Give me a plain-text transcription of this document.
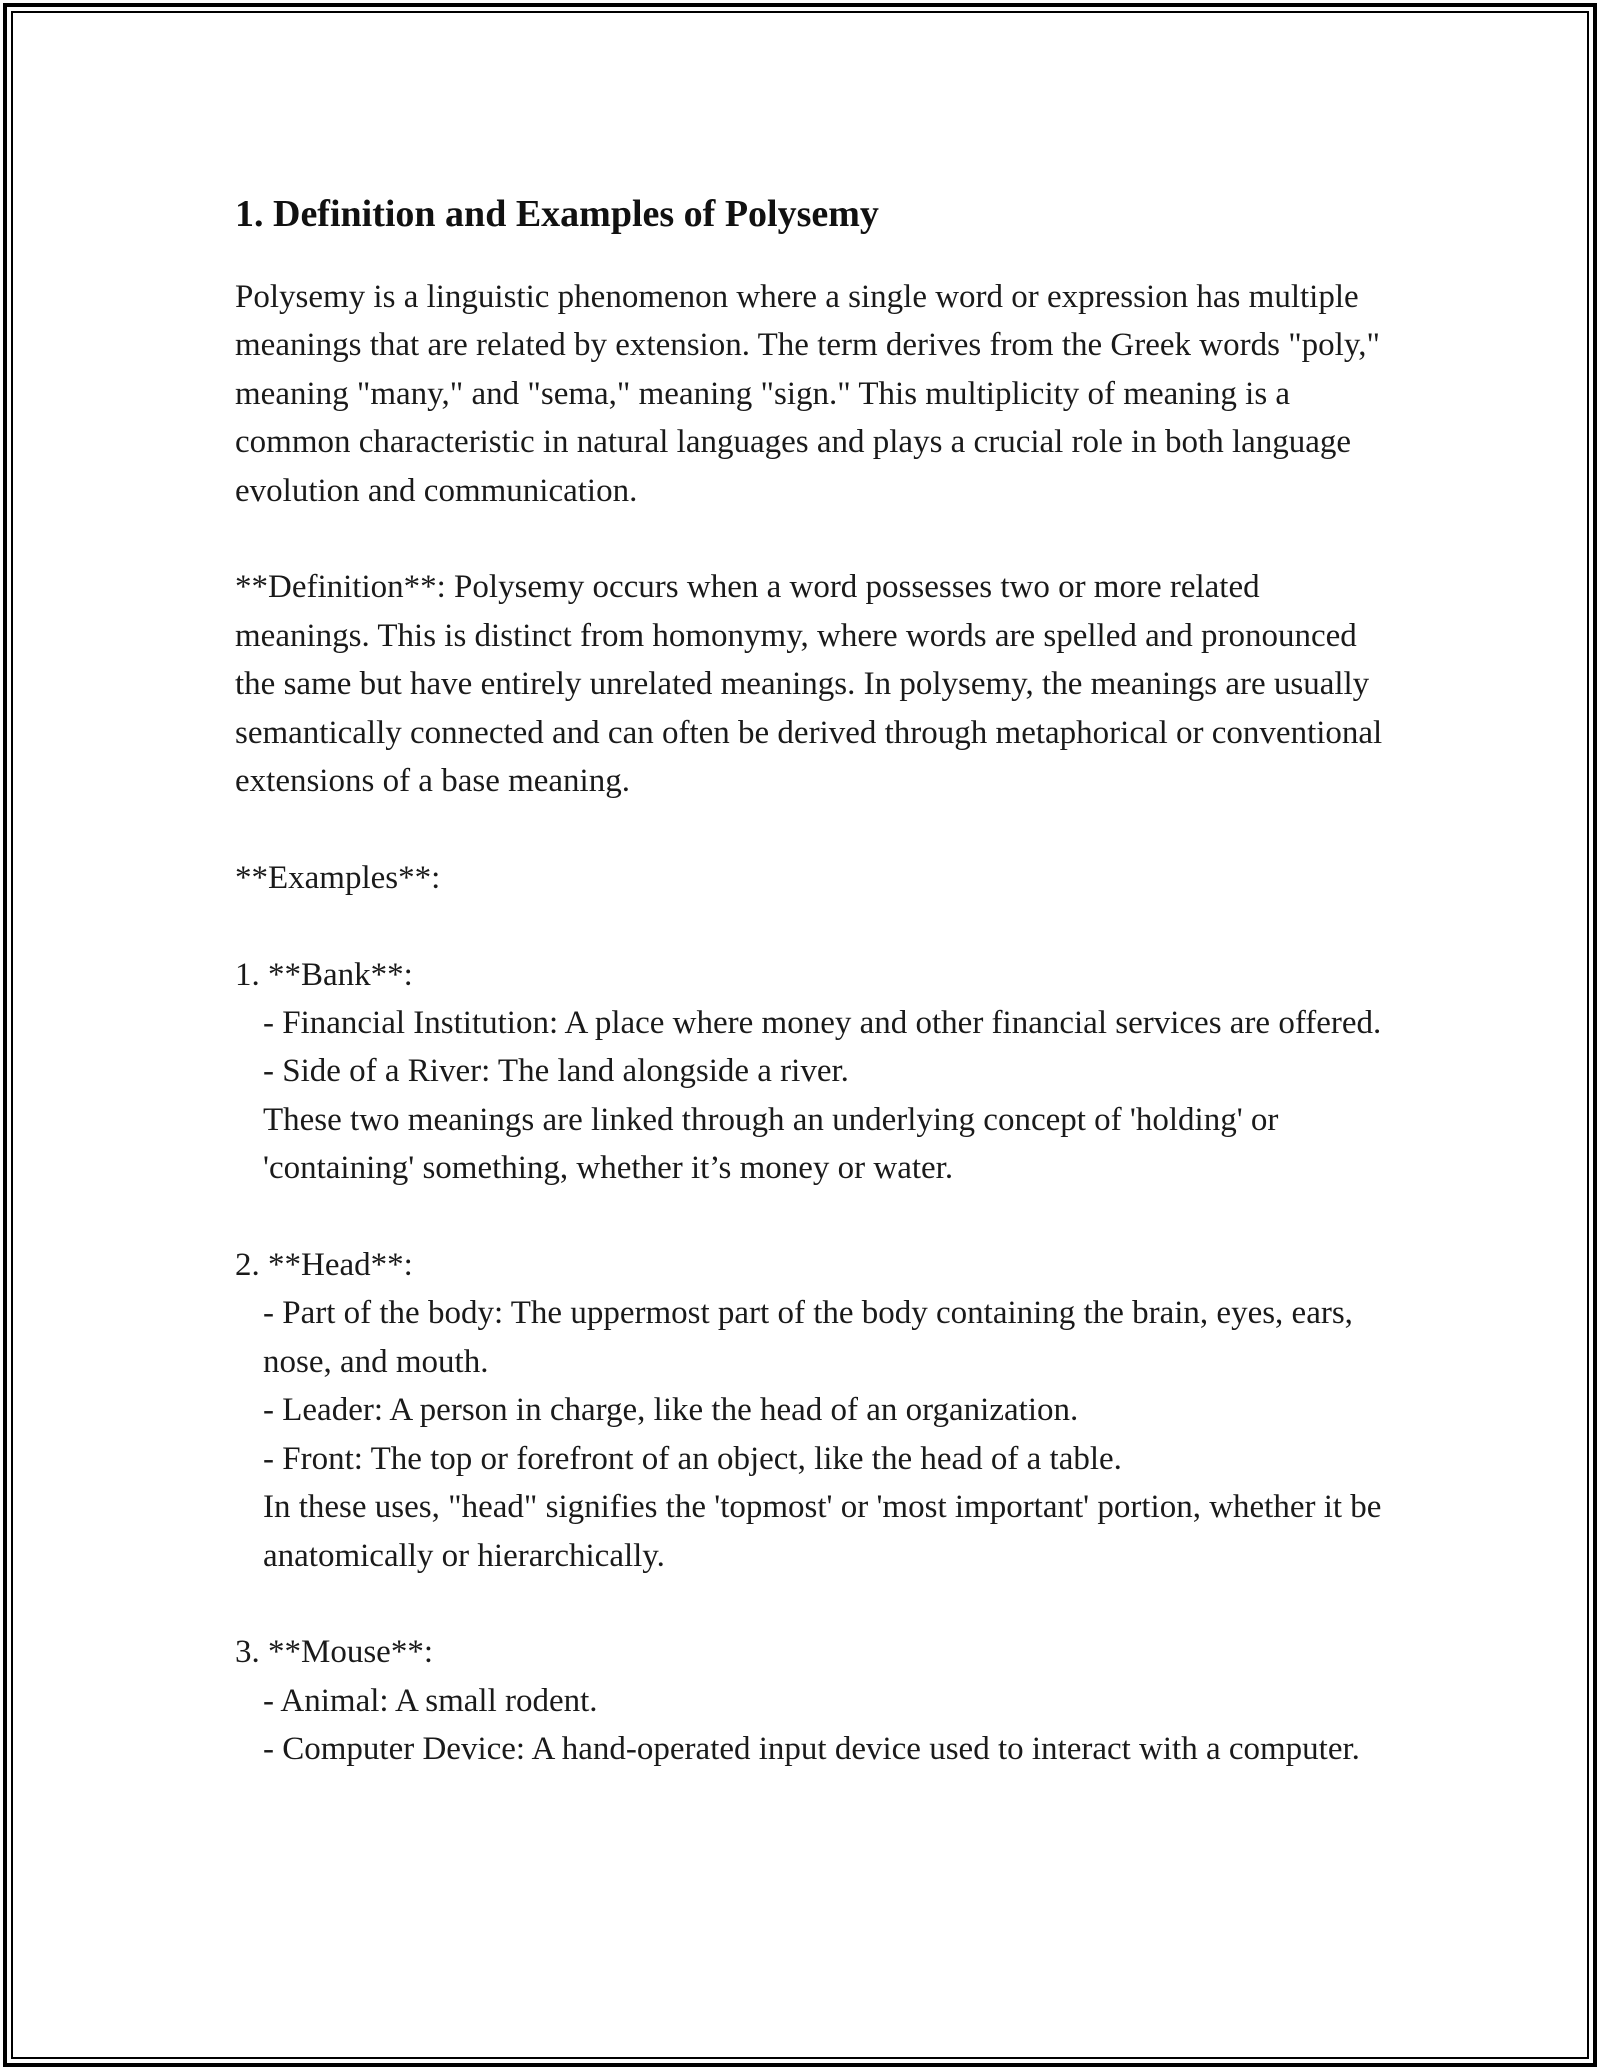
1. Definition and Examples of Polysemy

Polysemy is a linguistic phenomenon where a single word or expression has multiple meanings that are related by extension. The term derives from the Greek words "poly," meaning "many," and "sema," meaning "sign." This multiplicity of meaning is a common characteristic in natural languages and plays a crucial role in both language evolution and communication.

**Definition**: Polysemy occurs when a word possesses two or more related meanings. This is distinct from homonymy, where words are spelled and pronounced the same but have entirely unrelated meanings. In polysemy, the meanings are usually semantically connected and can often be derived through metaphorical or conventional extensions of a base meaning.

**Examples**:

1. **Bank**:

- Financial Institution: A place where money and other financial services are offered.

- Side of a River: The land alongside a river.

These two meanings are linked through an underlying concept of 'holding' or 'containing' something, whether it’s money or water.

2. **Head**:

- Part of the body: The uppermost part of the body containing the brain, eyes, ears, nose, and mouth.

- Leader: A person in charge, like the head of an organization.

- Front: The top or forefront of an object, like the head of a table.

In these uses, "head" signifies the 'topmost' or 'most important' portion, whether it be anatomically or hierarchically.

3. **Mouse**:

- Animal: A small rodent.

- Computer Device: A hand-operated input device used to interact with a computer.
